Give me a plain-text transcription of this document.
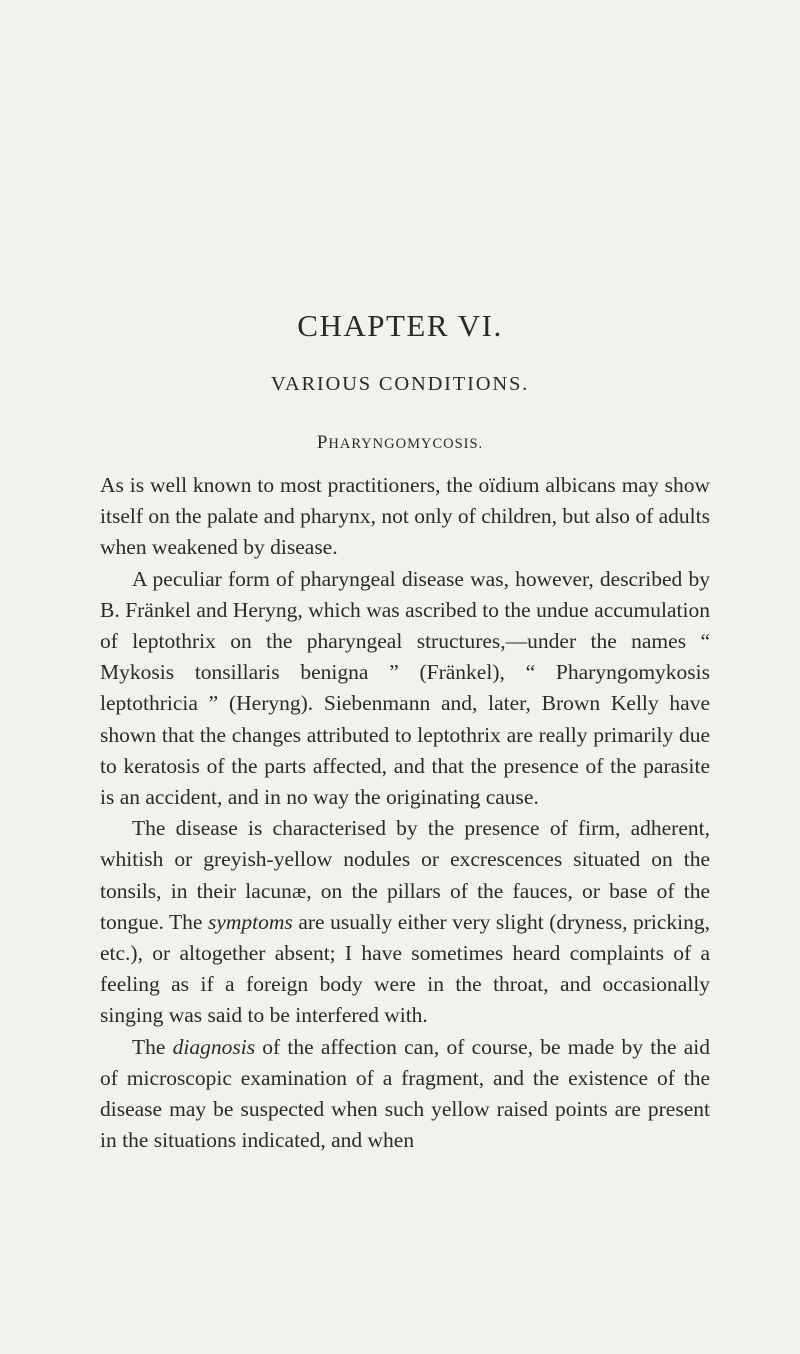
CHAPTER VI.
VARIOUS CONDITIONS.
PHARYNGOMYCOSIS.

As is well known to most practitioners, the oïdium albicans may show itself on the palate and pharynx, not only of children, but also of adults when weakened by disease.

A peculiar form of pharyngeal disease was, however, described by B. Fränkel and Heryng, which was ascribed to the undue accumulation of leptothrix on the pharyngeal structures,—under the names “ Mykosis tonsillaris benigna ” (Fränkel), “ Pharyngomykosis leptothricia ” (Heryng). Siebenmann and, later, Brown Kelly have shown that the changes attributed to leptothrix are really primarily due to keratosis of the parts affected, and that the presence of the parasite is an accident, and in no way the originating cause.

The disease is characterised by the presence of firm, adherent, whitish or greyish-yellow nodules or excrescences situated on the tonsils, in their lacunæ, on the pillars of the fauces, or base of the tongue. The symptoms are usually either very slight (dryness, pricking, etc.), or altogether absent; I have sometimes heard complaints of a feeling as if a foreign body were in the throat, and occasionally singing was said to be interfered with.

The diagnosis of the affection can, of course, be made by the aid of microscopic examination of a fragment, and the existence of the disease may be suspected when such yellow raised points are present in the situations indicated, and when
